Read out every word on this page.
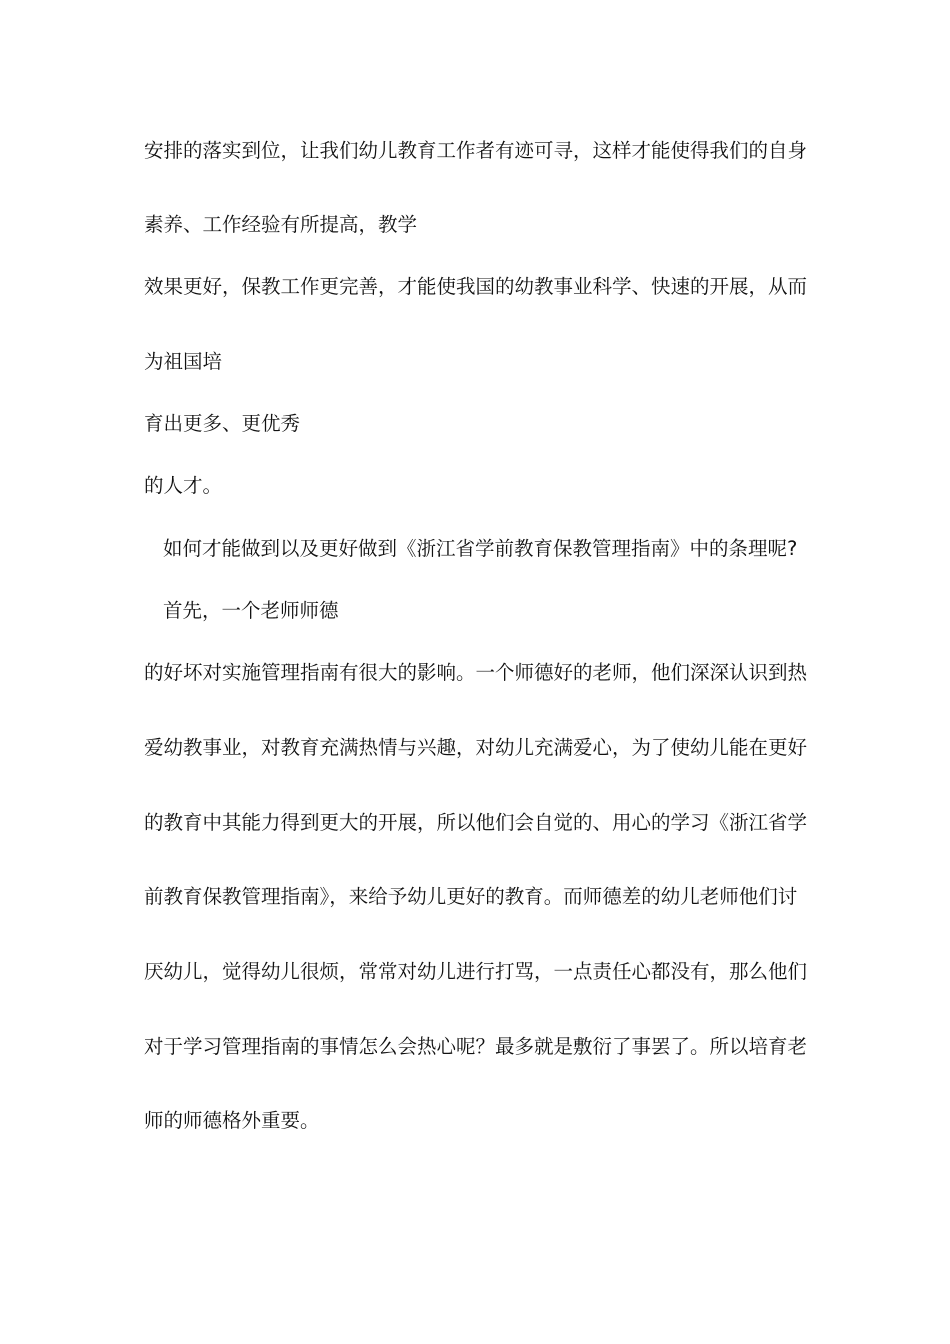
安排的落实到位，让我们幼儿教育工作者有迹可寻，这样才能使得我们的自身
素养、工作经验有所提高，教学
效果更好，保教工作更完善，才能使我国的幼教事业科学、快速的开展，从而
为祖国培
育出更多、更优秀
的人才。
如何才能做到以及更好做到《浙江省学前教育保教管理指南》中的条理呢?
首先，一个老师师德
的好坏对实施管理指南有很大的影响。一个师德好的老师，他们深深认识到热
爱幼教事业，对教育充满热情与兴趣，对幼儿充满爱心，为了使幼儿能在更好
的教育中其能力得到更大的开展，所以他们会自觉的、用心的学习《浙江省学
前教育保教管理指南》，来给予幼儿更好的教育。而师德差的幼儿老师他们讨
厌幼儿，觉得幼儿很烦，常常对幼儿进行打骂，一点责任心都没有，那么他们
对于学习管理指南的事情怎么会热心呢？最多就是敷衍了事罢了。所以培育老
师的师德格外重要。
